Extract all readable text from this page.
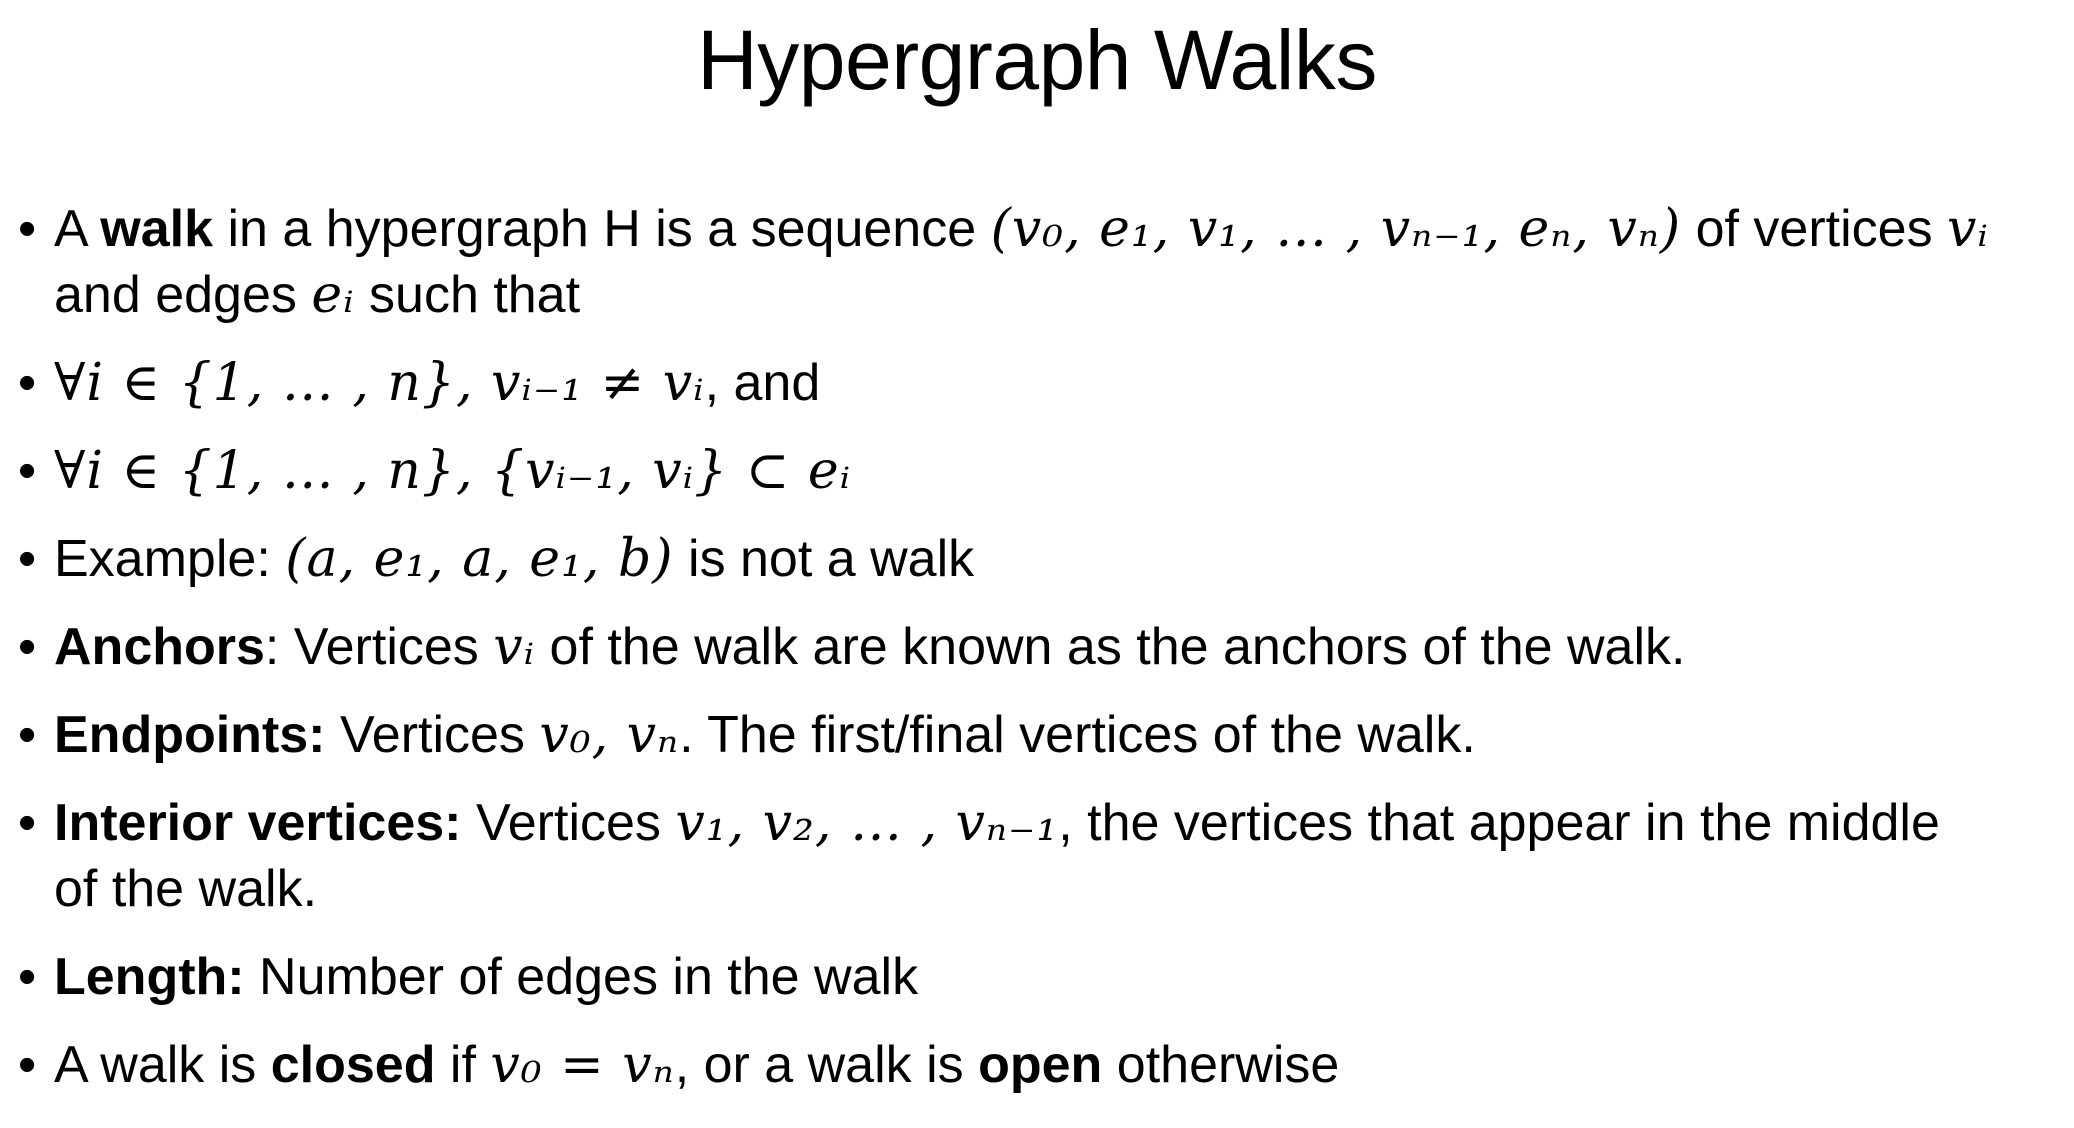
Hypergraph Walks
• A walk in a hypergraph H is a sequence (v₀, e₁, v₁, … , vₙ₋₁, eₙ, vₙ) of vertices vᵢ
and edges eᵢ such that
• ∀i ∈ {1, … , n}, vᵢ₋₁ ≠ vᵢ, and
• ∀i ∈ {1, … , n}, {vᵢ₋₁, vᵢ} ⊂ eᵢ
• Example: (a, e₁, a, e₁, b) is not a walk
• Anchors: Vertices vᵢ of the walk are known as the anchors of the walk.
• Endpoints: Vertices v₀, vₙ. The first/final vertices of the walk.
• Interior vertices: Vertices v₁, v₂, … , vₙ₋₁, the vertices that appear in the middle
of the walk.
• Length: Number of edges in the walk
• A walk is closed if v₀ = vₙ, or a walk is open otherwise
